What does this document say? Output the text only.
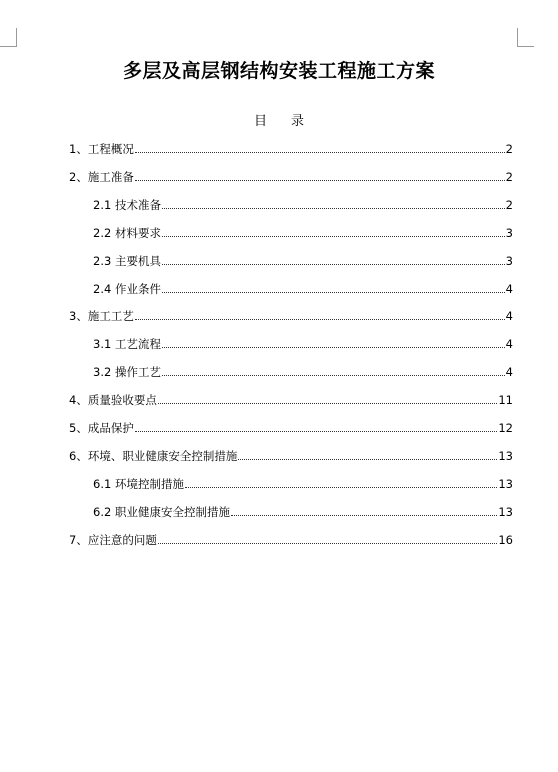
多层及高层钢结构安装工程施工方案
目 录
1、工程概况	2
2、施工准备	2
2.1 技术准备	2
2.2 材料要求	3
2.3 主要机具	3
2.4 作业条件	4
3、施工工艺	4
3.1 工艺流程	4
3.2 操作工艺	4
4、质量验收要点	11
5、成品保护	12
6、环境、职业健康安全控制措施	13
6.1 环境控制措施	13
6.2 职业健康安全控制措施	13
7、应注意的问题	16
